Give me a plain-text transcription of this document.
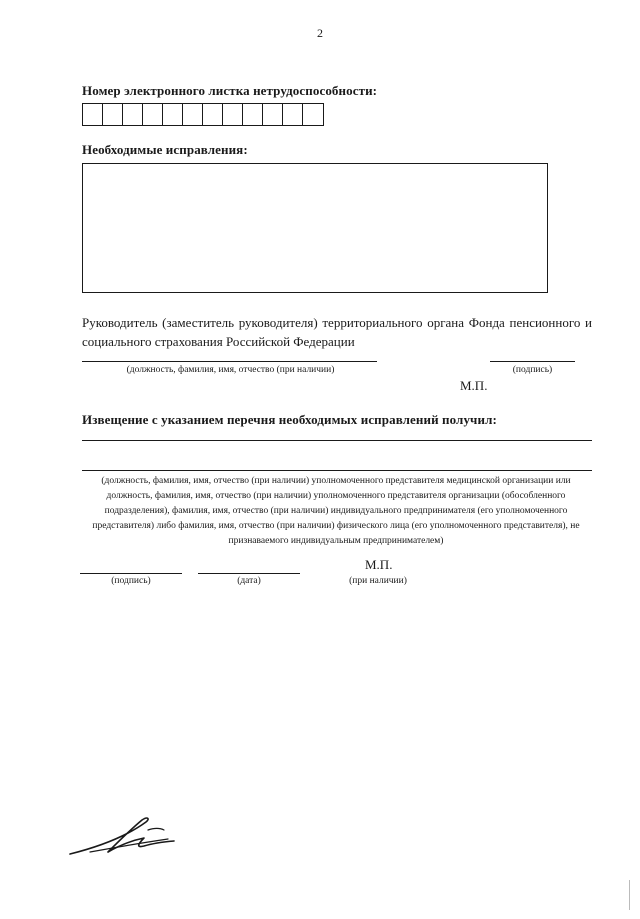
2
Номер электронного листка нетрудоспособности:
Необходимые исправления:
Руководитель (заместитель руководителя) территориального органа Фонда пенсионного и социального страхования Российской Федерации
(должность, фамилия, имя, отчество (при наличии)	(подпись)
М.П.
Извещение с указанием перечня необходимых исправлений получил:
(должность, фамилия, имя, отчество (при наличии) уполномоченного представителя медицинской организации или должность, фамилия, имя, отчество (при наличии) уполномоченного представителя организации (обособленного подразделения), фамилия, имя, отчество (при наличии) индивидуального предпринимателя (его уполномоченного представителя) либо фамилия, имя, отчество (при наличии) физического лица (его уполномоченного представителя), не признаваемого индивидуальным предпринимателем)
М.П.
(подпись)	(дата)	(при наличии)
